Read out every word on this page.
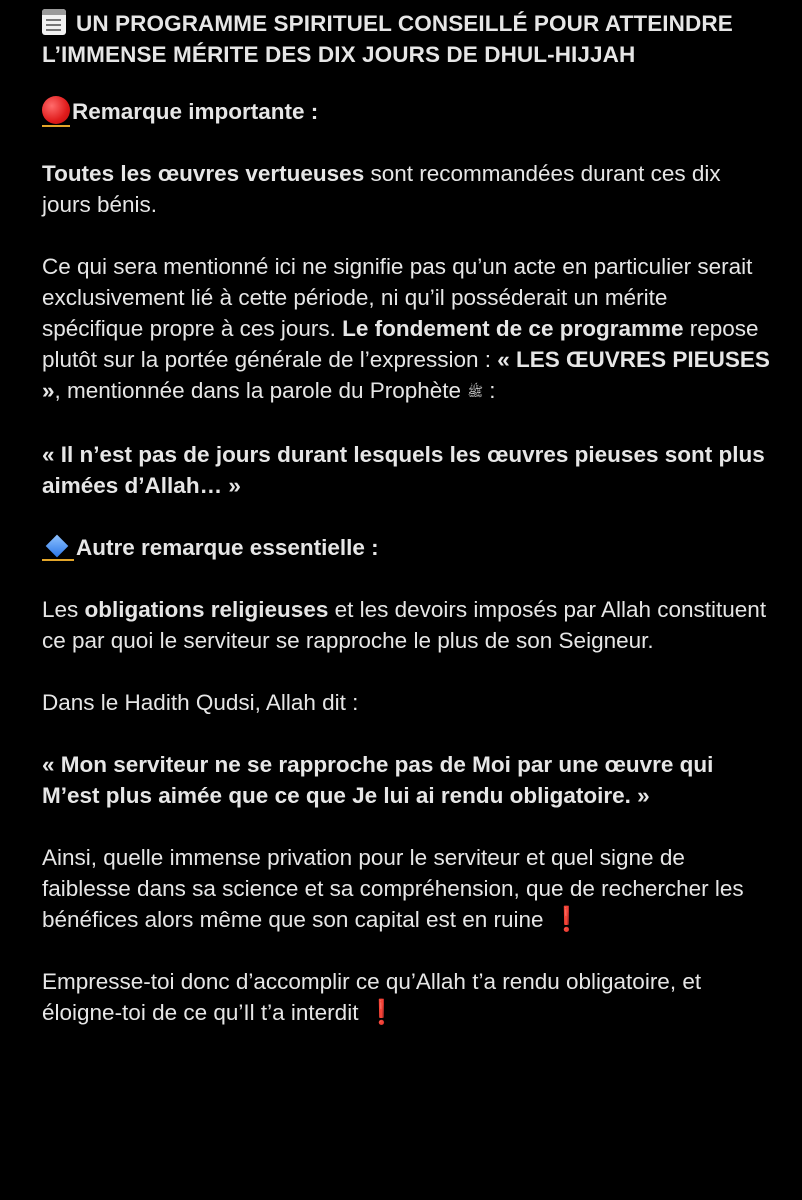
UN PROGRAMME SPIRITUEL CONSEILLÉ POUR ATTEINDRE L’IMMENSE MÉRITE DES DIX JOURS DE DHUL-HIJJAH
Remarque importante :
Toutes les œuvres vertueuses sont recommandées durant ces dix jours bénis.
Ce qui sera mentionné ici ne signifie pas qu’un acte en particulier serait exclusivement lié à cette période, ni qu’il posséderait un mérite spécifique propre à ces jours. Le fondement de ce programme repose plutôt sur la portée générale de l’expression : « LES ŒUVRES PIEUSES », mentionnée dans la parole du Prophète ﷺ :
« Il n’est pas de jours durant lesquels les œuvres pieuses sont plus aimées d’Allah… »
Autre remarque essentielle :
Les obligations religieuses et les devoirs imposés par Allah constituent ce par quoi le serviteur se rapproche le plus de son Seigneur.
Dans le Hadith Qudsi, Allah dit :
« Mon serviteur ne se rapproche pas de Moi par une œuvre qui M’est plus aimée que ce que Je lui ai rendu obligatoire. »
Ainsi, quelle immense privation pour le serviteur et quel signe de faiblesse dans sa science et sa compréhension, que de rechercher les bénéfices alors même que son capital est en ruine ❗
Empresse-toi donc d’accomplir ce qu’Allah t’a rendu obligatoire, et éloigne-toi de ce qu’Il t’a interdit ❗
